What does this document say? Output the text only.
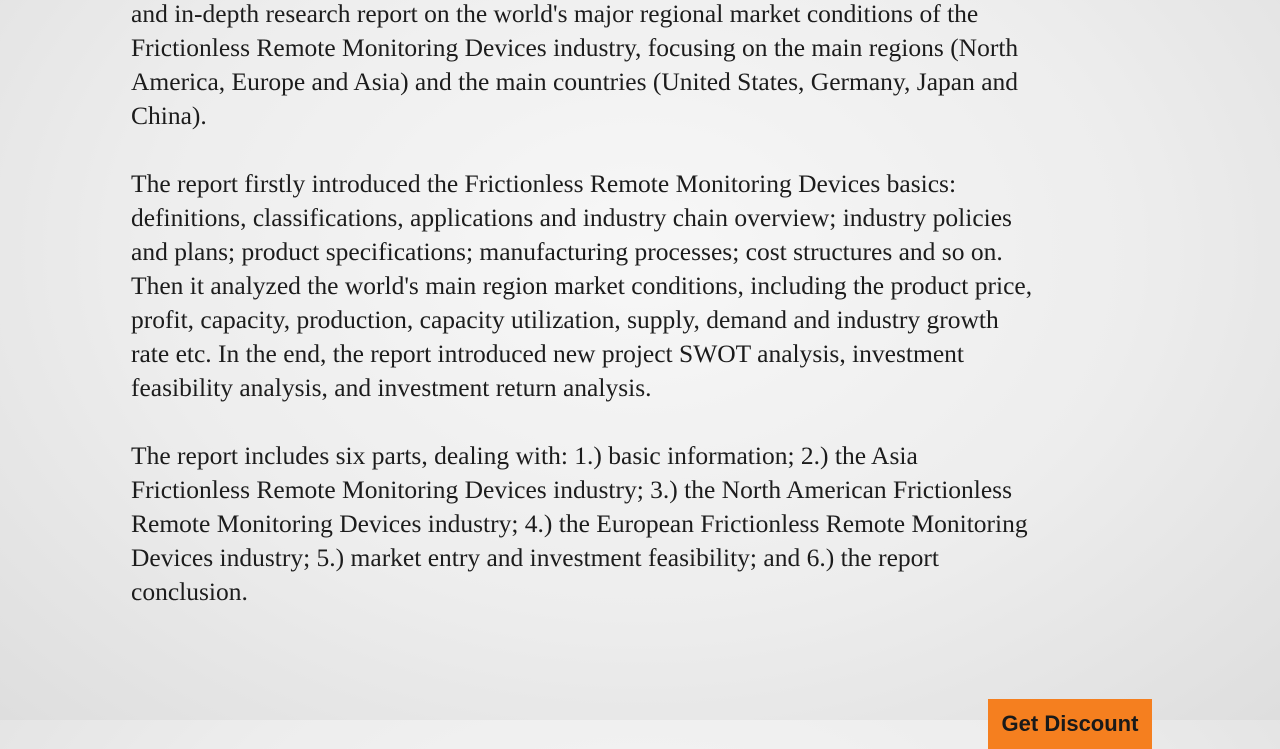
and in-depth research report on the world's major regional market conditions of the
Frictionless Remote Monitoring Devices industry, focusing on the main regions (North
America, Europe and Asia) and the main countries (United States, Germany, Japan and
China).

The report firstly introduced the Frictionless Remote Monitoring Devices basics:
definitions, classifications, applications and industry chain overview; industry policies
and plans; product specifications; manufacturing processes; cost structures and so on.
Then it analyzed the world's main region market conditions, including the product price,
profit, capacity, production, capacity utilization, supply, demand and industry growth
rate etc. In the end, the report introduced new project SWOT analysis, investment
feasibility analysis, and investment return analysis.

The report includes six parts, dealing with: 1.) basic information; 2.) the Asia
Frictionless Remote Monitoring Devices industry; 3.) the North American Frictionless
Remote Monitoring Devices industry; 4.) the European Frictionless Remote Monitoring
Devices industry; 5.) market entry and investment feasibility; and 6.) the report
conclusion.

Get Discount
